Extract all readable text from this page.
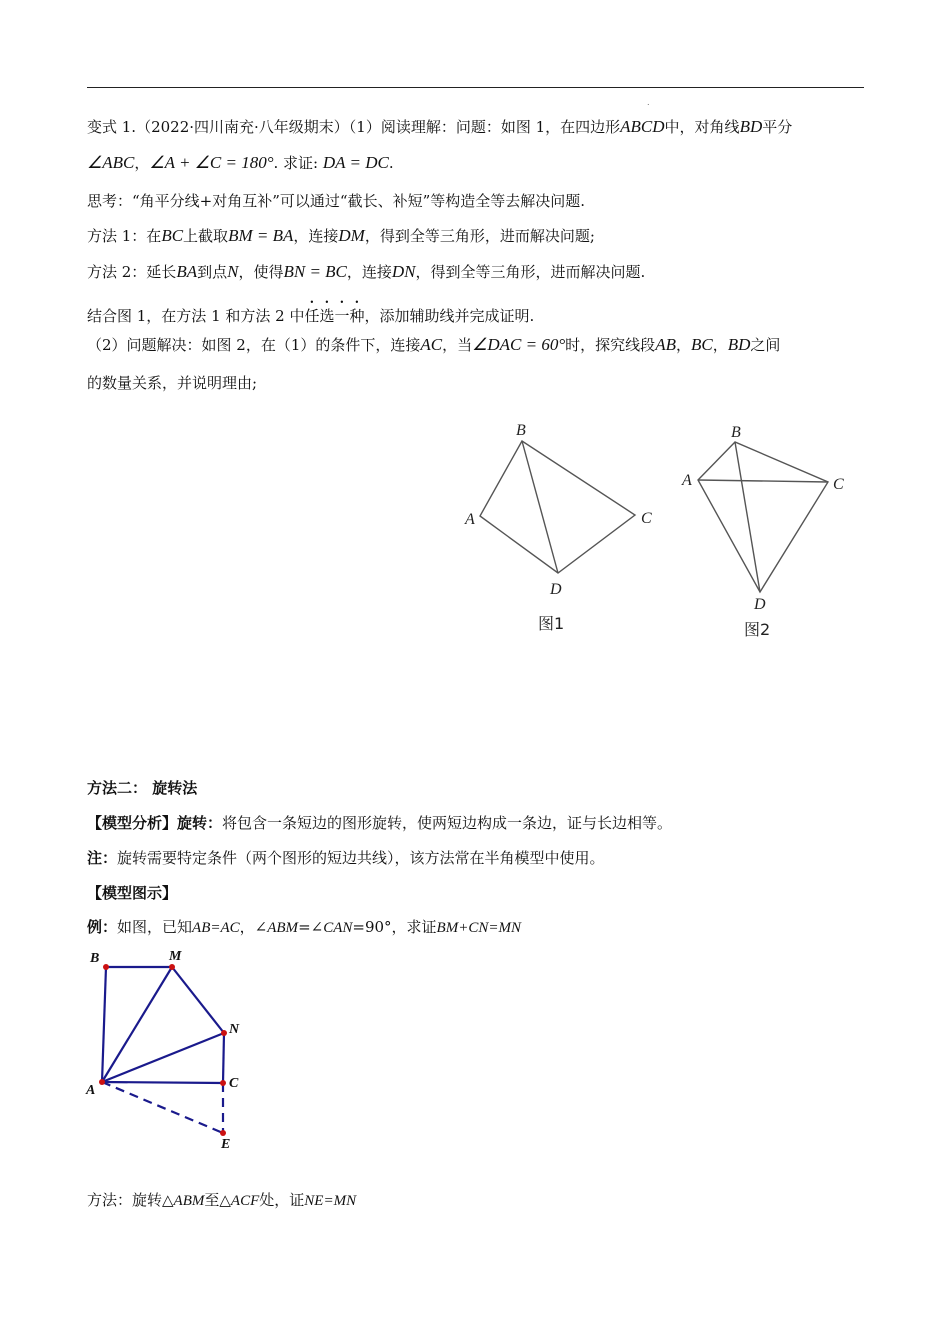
.
变式 1.（2022·四川南充·八年级期末）（1）阅读理解：问题：如图 1，在四边形ABCD中，对角线BD平分
∠ABC，∠A + ∠C = 180°. 求证: DA = DC.
思考：“角平分线+对角互补”可以通过“截长、补短”等构造全等去解决问题.
方法 1：在BC上截取BM = BA，连接DM，得到全等三角形，进而解决问题;
方法 2：延长BA到点N，使得BN = BC，连接DN，得到全等三角形，进而解决问题.
结合图 1，在方法 1 和方法 2 中任选一种，添加辅助线并完成证明.
（2）问题解决：如图 2，在（1）的条件下，连接AC，当∠DAC = 60°时，探究线段AB，BC，BD之间
的数量关系，并说明理由;
B
A	C
D
图1
B
A	C
D
图2
方法二： 旋转法
【模型分析】旋转：将包含一条短边的图形旋转，使两短边构成一条边，证与长边相等。
注：旋转需要特定条件（两个图形的短边共线），该方法常在半角模型中使用。
【模型图示】
例：如图，已知AB=AC，∠ABM=∠CAN=90°，求证BM+CN=MN
B	M
N
A	C
E
方法：旋转△ABM至△ACF处，证NE=MN
